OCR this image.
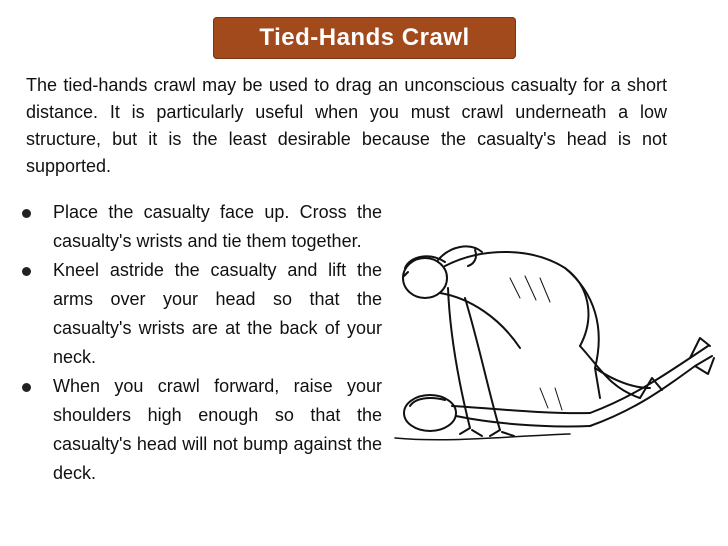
Tied-Hands Crawl
The tied-hands crawl may be used to drag an unconscious casualty for a short distance. It is particularly useful when you must crawl underneath a low structure, but it is the least desirable because the casualty's head is not supported.
Place the casualty face up. Cross the casualty's wrists and tie them together.
Kneel astride the casualty and lift the arms over your head so that the casualty's wrists are at the back of your neck.
When you crawl forward, raise your shoulders high enough so that the casualty's head will not bump against the deck.
